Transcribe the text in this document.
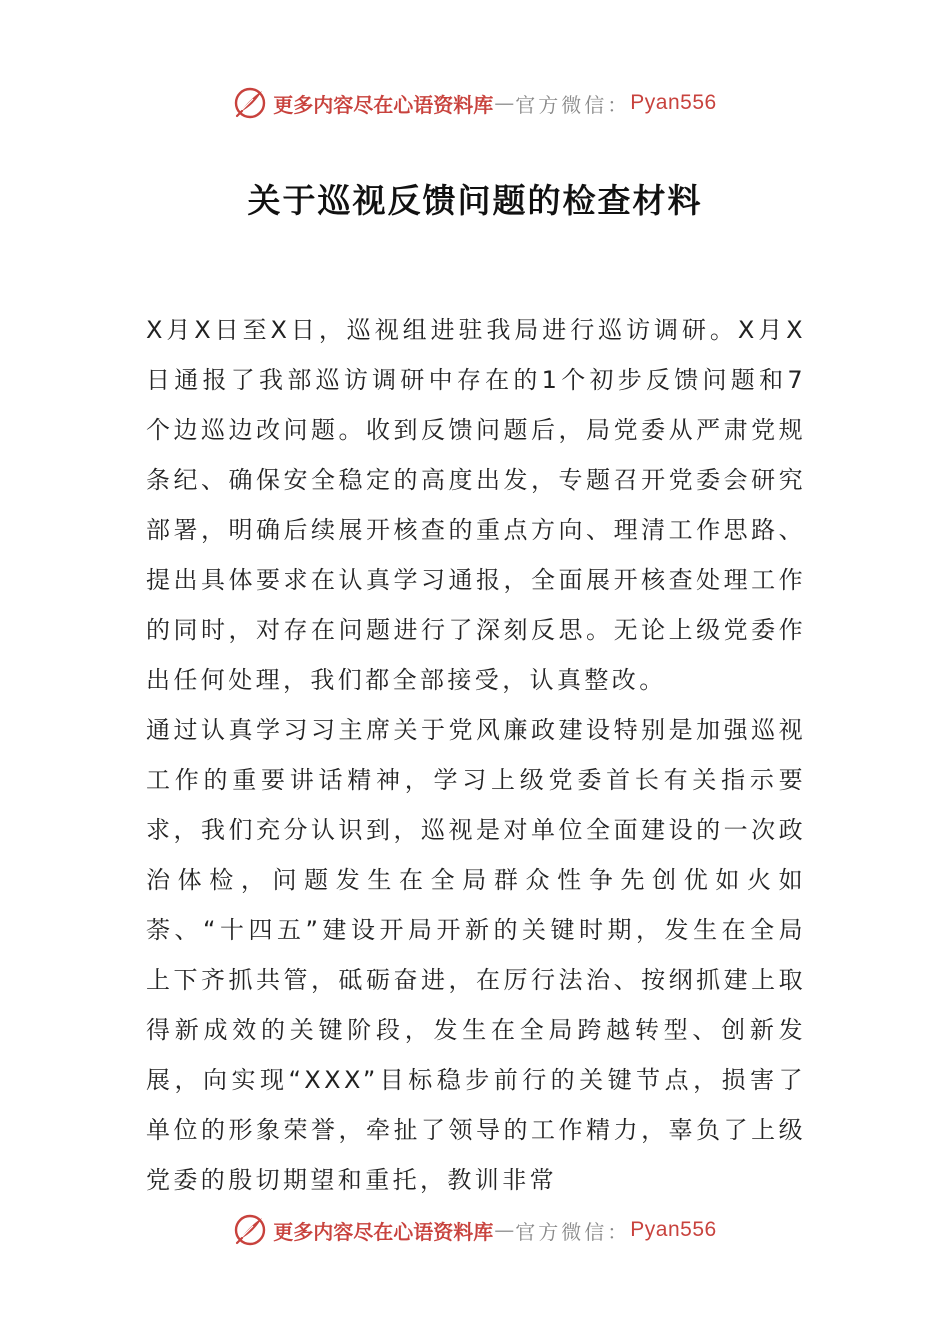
更多内容尽在心语资料库 — 官方微信： Pyan556
关于巡视反馈问题的检查材料

X月X日至X日，巡视组进驻我局进行巡访调研。X月X日通报了我部巡访调研中存在的1个初步反馈问题和7个边巡边改问题。收到反馈问题后，局党委从严肃党规条纪、确保安全稳定的高度出发，专题召开党委会研究部署，明确后续展开核查的重点方向、理清工作思路、提出具体要求在认真学习通报，全面展开核查处理工作的同时，对存在问题进行了深刻反思。无论上级党委作出任何处理，我们都全部接受，认真整改。

通过认真学习习主席关于党风廉政建设特别是加强巡视工作的重要讲话精神，学习上级党委首长有关指示要求，我们充分认识到，巡视是对单位全面建设的一次政治体检，问题发生在全局群众性争先创优如火如荼、“十四五”建设开局开新的关键时期，发生在全局上下齐抓共管，砥砺奋进，在厉行法治、按纲抓建上取得新成效的关键阶段，发生在全局跨越转型、创新发展，向实现“XXX”目标稳步前行的关键节点，损害了单位的形象荣誉，牵扯了领导的工作精力，辜负了上级党委的殷切期望和重托，教训非常

更多内容尽在心语资料库 — 官方微信： Pyan556
